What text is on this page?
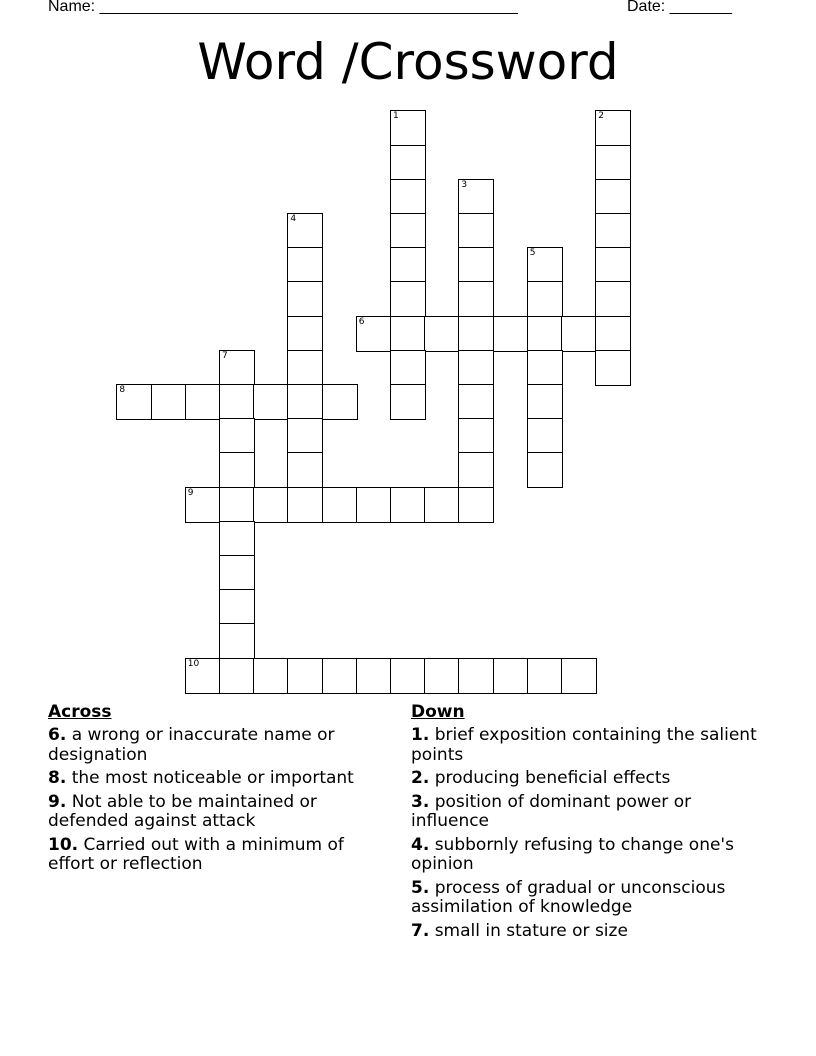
Name: _______________________________________________	Date: _______
Word /Crossword
1	2
3
4
5
6
7
8
9
10
Across
6. a wrong or inaccurate name or designation
8. the most noticeable or important
9. Not able to be maintained or defended against attack
10. Carried out with a minimum of effort or reflection
Down
1. brief exposition containing the salient points
2. producing beneficial effects
3. position of dominant power or influence
4. subbornly refusing to change one's opinion
5. process of gradual or unconscious assimilation of knowledge
7. small in stature or size
